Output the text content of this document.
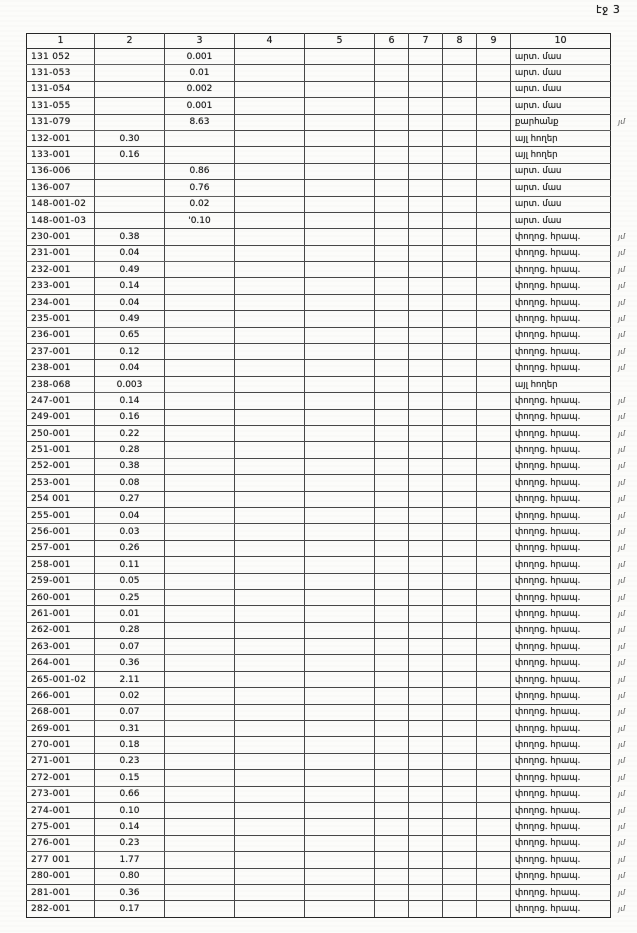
էջ 3
1	2	3	4	5	6	7	8	9	10	
131 052		0.001							արտ. մաս	
131-053		0.01							արտ. մաս	
131-054		0.002							արտ. մաս	
131-055		0.001							արտ. մաս	
131-079		8.63							քարհանք	յմ
132-001	0.30								այլ հողեր	
133-001	0.16								այլ հողեր	
136-006		0.86							արտ. մաս	
136-007		0.76							արտ. մաս	
148-001-02		0.02							արտ. մաս	
148-001-03		'0.10							արտ. մաս	
230-001	0.38								փողոց. հրապ.	յմ
231-001	0.04								փողոց. հրապ.	յմ
232-001	0.49								փողոց. հրապ.	յմ
233-001	0.14								փողոց. հրապ.	յմ
234-001	0.04								փողոց. հրապ.	յմ
235-001	0.49								փողոց. հրապ.	յմ
236-001	0.65								փողոց. հրապ.	յմ
237-001	0.12								փողոց. հրապ.	յմ
238-001	0.04								փողոց. հրապ.	յմ
238-068	0.003								այլ հողեր	
247-001	0.14								փողոց. հրապ.	յմ
249-001	0.16								փողոց. հրապ.	յմ
250-001	0.22								փողոց. հրապ.	յմ
251-001	0.28								փողոց. հրապ.	յմ
252-001	0.38								փողոց. հրապ.	յմ
253-001	0.08								փողոց. հրապ.	յմ
254 001	0.27								փողոց. հրապ.	յմ
255-001	0.04								փողոց. հրապ.	յմ
256-001	0.03								փողոց. հրապ.	յմ
257-001	0.26								փողոց. հրապ.	յմ
258-001	0.11								փողոց. հրապ.	յմ
259-001	0.05								փողոց. հրապ.	յմ
260-001	0.25								փողոց. հրապ.	յմ
261-001	0.01								փողոց. հրապ.	յմ
262-001	0.28								փողոց. հրապ.	յմ
263-001	0.07								փողոց. հրապ.	յմ
264-001	0.36								փողոց. հրապ.	յմ
265-001-02	2.11								փողոց. հրապ.	յմ
266-001	0.02								փողոց. հրապ.	յմ
268-001	0.07								փողոց. հրապ.	յմ
269-001	0.31								փողոց. հրապ.	յմ
270-001	0.18								փողոց. հրապ.	յմ
271-001	0.23								փողոց. հրապ.	յմ
272-001	0.15								փողոց. հրապ.	յմ
273-001	0.66								փողոց. հրապ.	յմ
274-001	0.10								փողոց. հրապ.	յմ
275-001	0.14								փողոց. հրապ.	յմ
276-001	0.23								փողոց. հրապ.	յմ
277 001	1.77								փողոց. հրապ.	յմ
280-001	0.80								փողոց. հրապ.	յմ
281-001	0.36								փողոց. հրապ.	յմ
282-001	0.17								փողոց. հրապ.	յմ
